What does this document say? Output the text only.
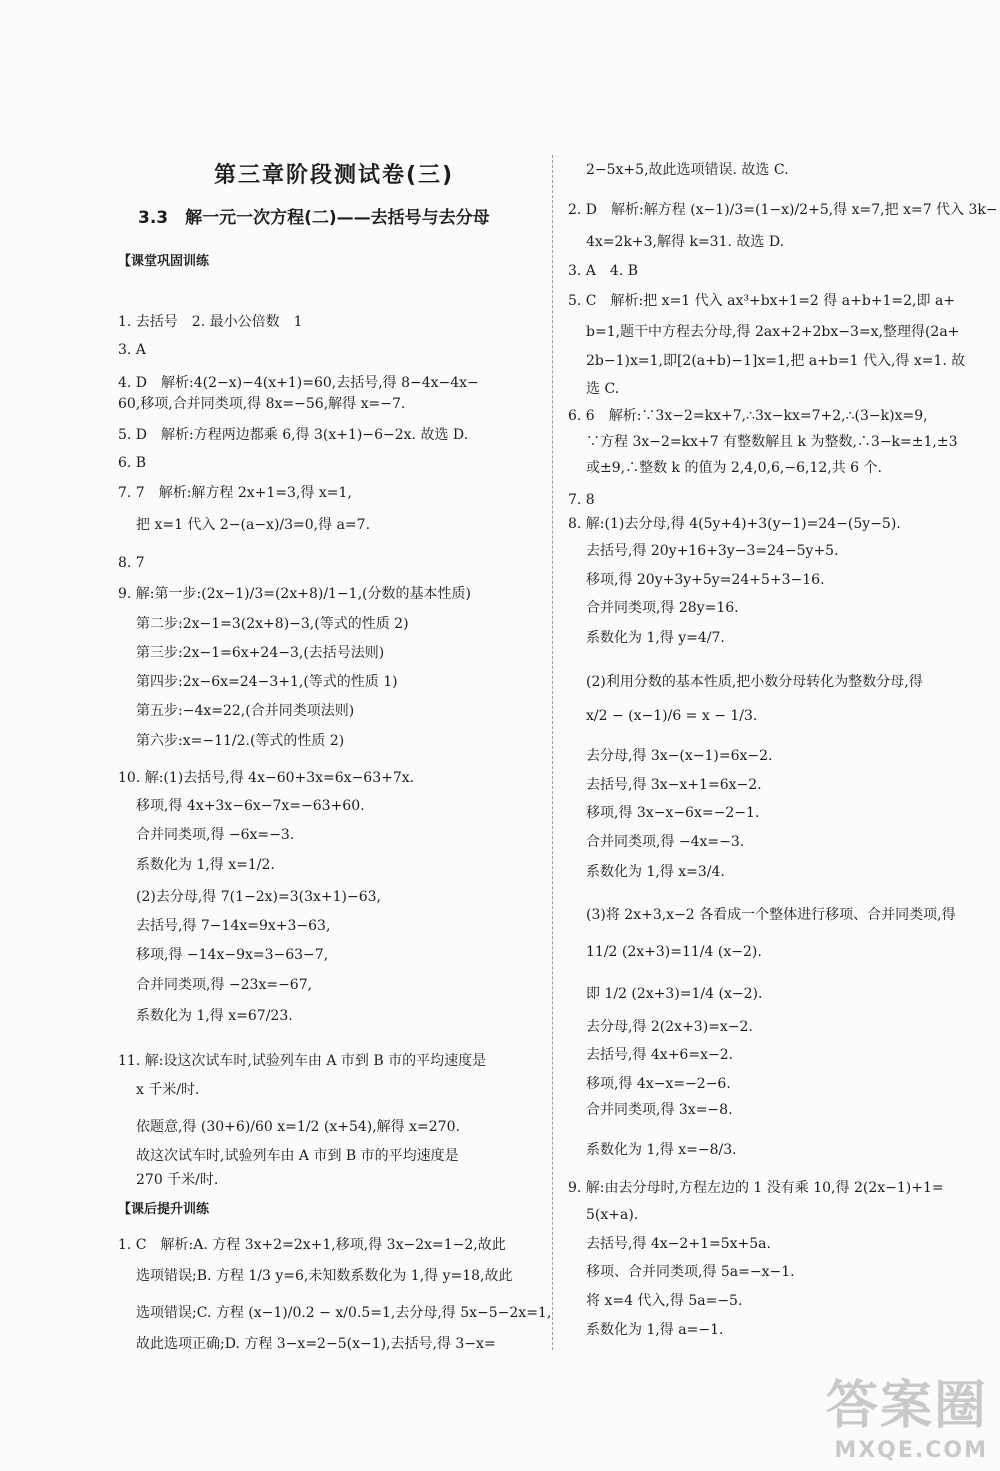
第三章阶段测试卷(三)
3.3　解一元一次方程(二)——去括号与去分母
【课堂巩固训练
1. 去括号　2. 最小公倍数　1
3. A
4. D　解析:4(2−x)−4(x+1)=60,去括号,得 8−4x−4x−
60,移项,合并同类项,得 8x=−56,解得 x=−7.
5. D　解析:方程两边都乘 6,得 3(x+1)−6−2x. 故选 D.
6. B
7. 7　解析:解方程 2x+1=3,得 x=1,
把 x=1 代入 2−(a−x)/3=0,得 a=7.
8. 7
9. 解:第一步:(2x−1)/3=(2x+8)/1−1,(分数的基本性质)
第二步:2x−1=3(2x+8)−3,(等式的性质 2)
第三步:2x−1=6x+24−3,(去括号法则)
第四步:2x−6x=24−3+1,(等式的性质 1)
第五步:−4x=22,(合并同类项法则)
第六步:x=−11/2.(等式的性质 2)
10. 解:(1)去括号,得 4x−60+3x=6x−63+7x.
移项,得 4x+3x−6x−7x=−63+60.
合并同类项,得 −6x=−3.
系数化为 1,得 x=1/2.
(2)去分母,得 7(1−2x)=3(3x+1)−63,
去括号,得 7−14x=9x+3−63,
移项,得 −14x−9x=3−63−7,
合并同类项,得 −23x=−67,
系数化为 1,得 x=67/23.
11. 解:设这次试车时,试验列车由 A 市到 B 市的平均速度是
x 千米/时.
依题意,得 (30+6)/60 x=1/2 (x+54),解得 x=270.
故这次试车时,试验列车由 A 市到 B 市的平均速度是
270 千米/时.
【课后提升训练
1. C　解析:A. 方程 3x+2=2x+1,移项,得 3x−2x=1−2,故此
选项错误;B. 方程 1/3 y=6,未知数系数化为 1,得 y=18,故此
选项错误;C. 方程 (x−1)/0.2 − x/0.5=1,去分母,得 5x−5−2x=1,
故此选项正确;D. 方程 3−x=2−5(x−1),去括号,得 3−x=
2−5x+5,故此选项错误. 故选 C.
2. D　解析:解方程 (x−1)/3=(1−x)/2+5,得 x=7,把 x=7 代入 3k−
4x=2k+3,解得 k=31. 故选 D.
3. A　4. B
5. C　解析:把 x=1 代入 ax³+bx+1=2 得 a+b+1=2,即 a+
b=1,题干中方程去分母,得 2ax+2+2bx−3=x,整理得(2a+
2b−1)x=1,即[2(a+b)−1]x=1,把 a+b=1 代入,得 x=1. 故
选 C.
6. 6　解析:∵3x−2=kx+7,∴3x−kx=7+2,∴(3−k)x=9,
∵方程 3x−2=kx+7 有整数解且 k 为整数,∴3−k=±1,±3
或±9,∴整数 k 的值为 2,4,0,6,−6,12,共 6 个.
7. 8
8. 解:(1)去分母,得 4(5y+4)+3(y−1)=24−(5y−5).
去括号,得 20y+16+3y−3=24−5y+5.
移项,得 20y+3y+5y=24+5+3−16.
合并同类项,得 28y=16.
系数化为 1,得 y=4/7.
(2)利用分数的基本性质,把小数分母转化为整数分母,得
x/2 − (x−1)/6 = x − 1/3.
去分母,得 3x−(x−1)=6x−2.
去括号,得 3x−x+1=6x−2.
移项,得 3x−x−6x=−2−1.
合并同类项,得 −4x=−3.
系数化为 1,得 x=3/4.
(3)将 2x+3,x−2 各看成一个整体进行移项、合并同类项,得
11/2 (2x+3)=11/4 (x−2).
即 1/2 (2x+3)=1/4 (x−2).
去分母,得 2(2x+3)=x−2.
去括号,得 4x+6=x−2.
移项,得 4x−x=−2−6.
合并同类项,得 3x=−8.
系数化为 1,得 x=−8/3.
9. 解:由去分母时,方程左边的 1 没有乘 10,得 2(2x−1)+1=
5(x+a).
去括号,得 4x−2+1=5x+5a.
移项、合并同类项,得 5a=−x−1.
将 x=4 代入,得 5a=−5.
系数化为 1,得 a=−1.
答案圈
MXQE.COM
